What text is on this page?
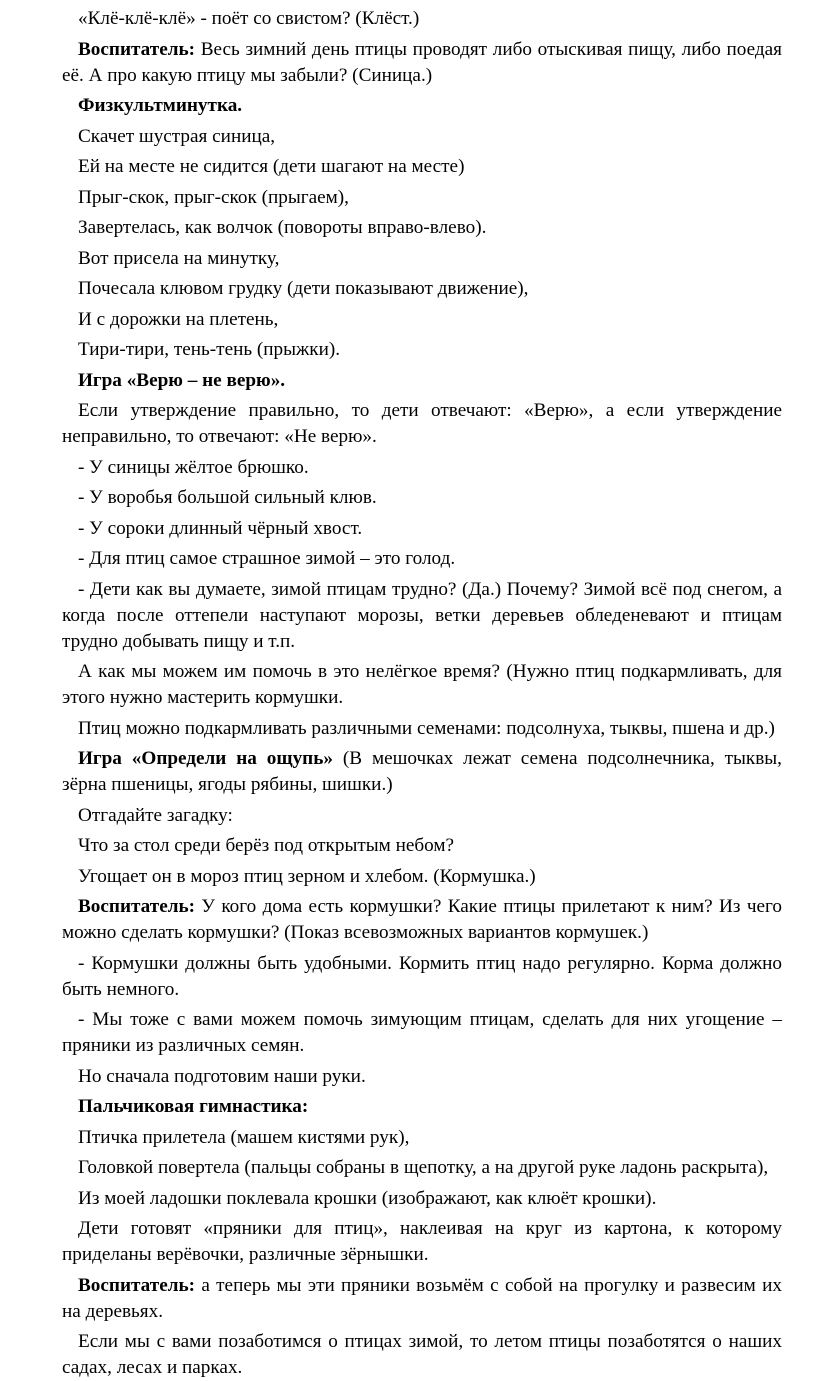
«Клё-клё-клё» - поёт со свистом? (Клёст.)

Воспитатель: Весь зимний день птицы проводят либо отыскивая пищу, либо поедая её. А про какую птицу мы забыли? (Синица.)

Физкультминутка.

Скачет шустрая синица,

Ей на месте не сидится (дети шагают на месте)

Прыг-скок, прыг-скок (прыгаем),

Завертелась, как волчок (повороты вправо-влево).

Вот присела на минутку,

Почесала клювом грудку (дети показывают движение),

И с дорожки на плетень,

Тири-тири, тень-тень (прыжки).

Игра «Верю – не верю».

Если утверждение правильно, то дети отвечают: «Верю», а если утверждение неправильно, то отвечают: «Не верю».

- У синицы жёлтое брюшко.

- У воробья большой сильный клюв.

- У сороки длинный чёрный хвост.

- Для птиц самое страшное зимой – это голод.

- Дети как вы думаете, зимой птицам трудно? (Да.) Почему? Зимой всё под снегом, а когда после оттепели наступают морозы, ветки деревьев обледеневают и птицам трудно добывать пищу и т.п.

А как мы можем им помочь в это нелёгкое время? (Нужно птиц подкармливать, для этого нужно мастерить кормушки.

Птиц можно подкармливать различными семенами: подсолнуха, тыквы, пшена и др.)

Игра «Определи на ощупь» (В мешочках лежат семена подсолнечника, тыквы, зёрна пшеницы, ягоды рябины, шишки.)

Отгадайте загадку:

Что за стол среди берёз под открытым небом?

Угощает он в мороз птиц зерном и хлебом. (Кормушка.)

Воспитатель: У кого дома есть кормушки? Какие птицы прилетают к ним? Из чего можно сделать кормушки? (Показ всевозможных вариантов кормушек.)

- Кормушки должны быть удобными. Кормить птиц надо регулярно. Корма должно быть немного.

- Мы тоже с вами можем помочь зимующим птицам, сделать для них угощение – пряники из различных семян.

Но сначала подготовим наши руки.

Пальчиковая гимнастика:

Птичка прилетела (машем кистями рук),

Головкой повертела (пальцы собраны в щепотку, а на другой руке ладонь раскрыта),

Из моей ладошки поклевала крошки (изображают, как клюёт крошки).

Дети готовят «пряники для птиц», наклеивая на круг из картона, к которому приделаны верёвочки, различные зёрнышки.

Воспитатель: а теперь мы эти пряники возьмём с собой на прогулку и развесим их на деревьях.

Если мы с вами позаботимся о птицах зимой, то летом птицы позаботятся о наших садах, лесах и парках.
